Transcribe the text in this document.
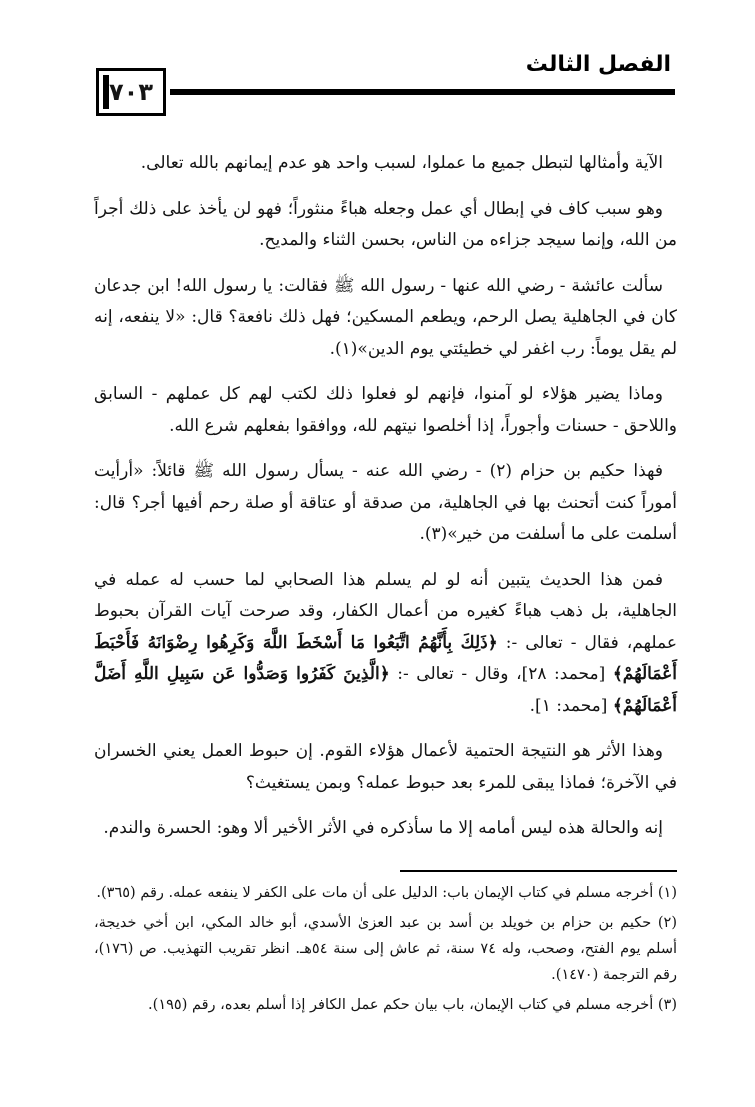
الفصل الثالث
٧٠٣

الآية وأمثالها لتبطل جميع ما عملوا، لسبب واحد هو عدم إيمانهم بالله تعالى.

وهو سبب كاف في إبطال أي عمل وجعله هباءً منثوراً؛ فهو لن يأخذ على ذلك أجراً من الله، وإنما سيجد جزاءه من الناس، بحسن الثناء والمديح.

سألت عائشة - رضي الله عنها - رسول الله ﷺ فقالت: يا رسول الله! ابن جدعان كان في الجاهلية يصل الرحم، ويطعم المسكين؛ فهل ذلك نافعة؟ قال: «لا ينفعه، إنه لم يقل يوماً: رب اغفر لي خطيئتي يوم الدين»(١).

وماذا يضير هؤلاء لو آمنوا، فإنهم لو فعلوا ذلك لكتب لهم كل عملهم - السابق واللاحق - حسنات وأجوراً، إذا أخلصوا نيتهم لله، ووافقوا بفعلهم شرع الله.

فهذا حكيم بن حزام (٢) - رضي الله عنه - يسأل رسول الله ﷺ قائلاً: «أرأيت أموراً كنت أتحنث بها في الجاهلية، من صدقة أو عتاقة أو صلة رحم أفيها أجر؟ قال: أسلمت على ما أسلفت من خير»(٣).

فمن هذا الحديث يتبين أنه لو لم يسلم هذا الصحابي لما حسب له عمله في الجاهلية، بل ذهب هباءً كغيره من أعمال الكفار، وقد صرحت آيات القرآن بحبوط عملهم، فقال - تعالى -: ﴿ذَلِكَ بِأَنَّهُمُ اتَّبَعُوا مَا أَسْخَطَ اللَّهَ وَكَرِهُوا رِضْوَانَهُ فَأَحْبَطَ أَعْمَالَهُمْ﴾ [محمد: ٢٨]، وقال - تعالى -: ﴿الَّذِينَ كَفَرُوا وَصَدُّوا عَن سَبِيلِ اللَّهِ أَضَلَّ أَعْمَالَهُمْ﴾ [محمد: ١].

وهذا الأثر هو النتيجة الحتمية لأعمال هؤلاء القوم. إن حبوط العمل يعني الخسران في الآخرة؛ فماذا يبقى للمرء بعد حبوط عمله؟ وبمن يستغيث؟

إنه والحالة هذه ليس أمامه إلا ما سأذكره في الأثر الأخير ألا وهو: الحسرة والندم.

(١) أخرجه مسلم في كتاب الإيمان باب: الدليل على أن مات على الكفر لا ينفعه عمله. رقم (٣٦٥).

(٢) حكيم بن حزام بن خويلد بن أسد بن عبد العزىٰ الأسدي، أبو خالد المكي، ابن أخي خديجة، أسلم يوم الفتح، وصحب، وله ٧٤ سنة، ثم عاش إلى سنة ٥٤هـ. انظر تقريب التهذيب. ص (١٧٦)، رقم الترجمة (١٤٧٠).

(٣) أخرجه مسلم في كتاب الإيمان، باب بيان حكم عمل الكافر إذا أسلم بعده، رقم (١٩٥).
